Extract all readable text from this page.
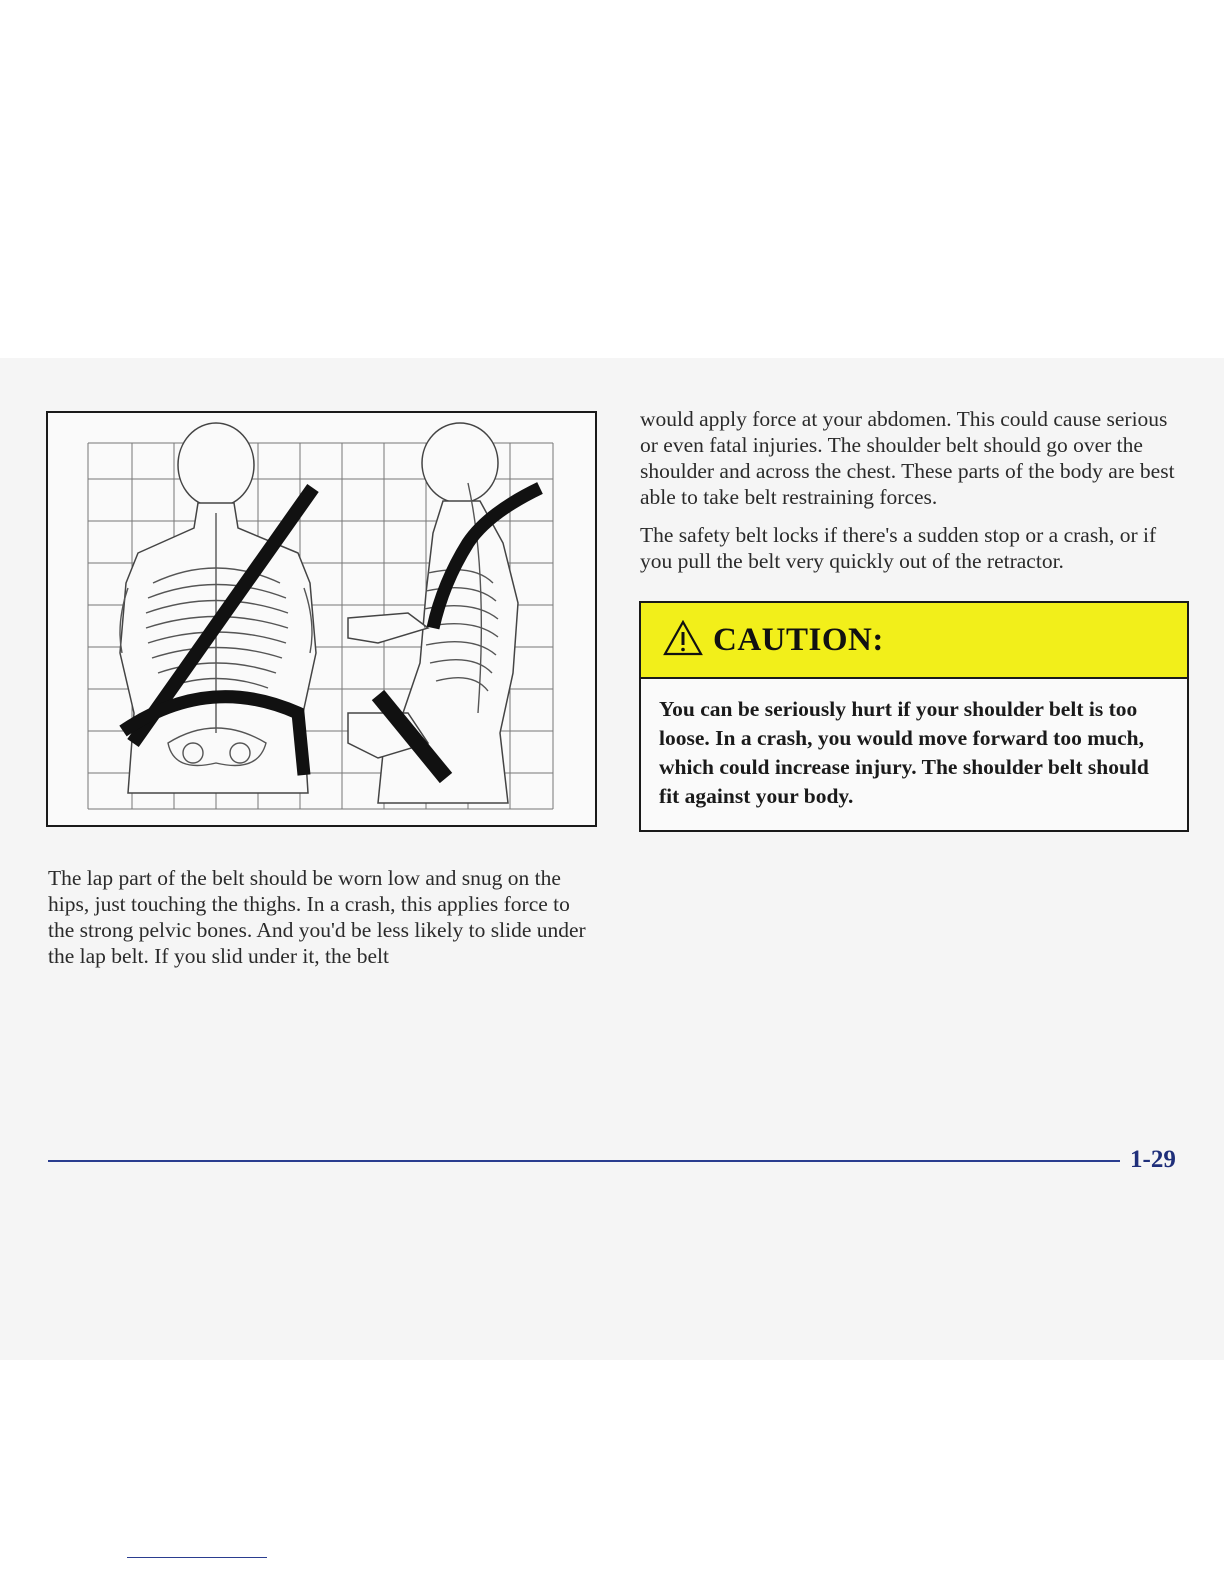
The lap part of the belt should be worn low and snug on the hips, just touching the thighs. In a crash, this applies force to the strong pelvic bones. And you'd be less likely to slide under the lap belt. If you slid under it, the belt

would apply force at your abdomen. This could cause serious or even fatal injuries. The shoulder belt should go over the shoulder and across the chest. These parts of the body are best able to take belt restraining forces.

The safety belt locks if there's a sudden stop or a crash, or if you pull the belt very quickly out of the retractor.

CAUTION:
You can be seriously hurt if your shoulder belt is too loose. In a crash, you would move forward too much, which could increase injury. The shoulder belt should fit against your body.
1-29
